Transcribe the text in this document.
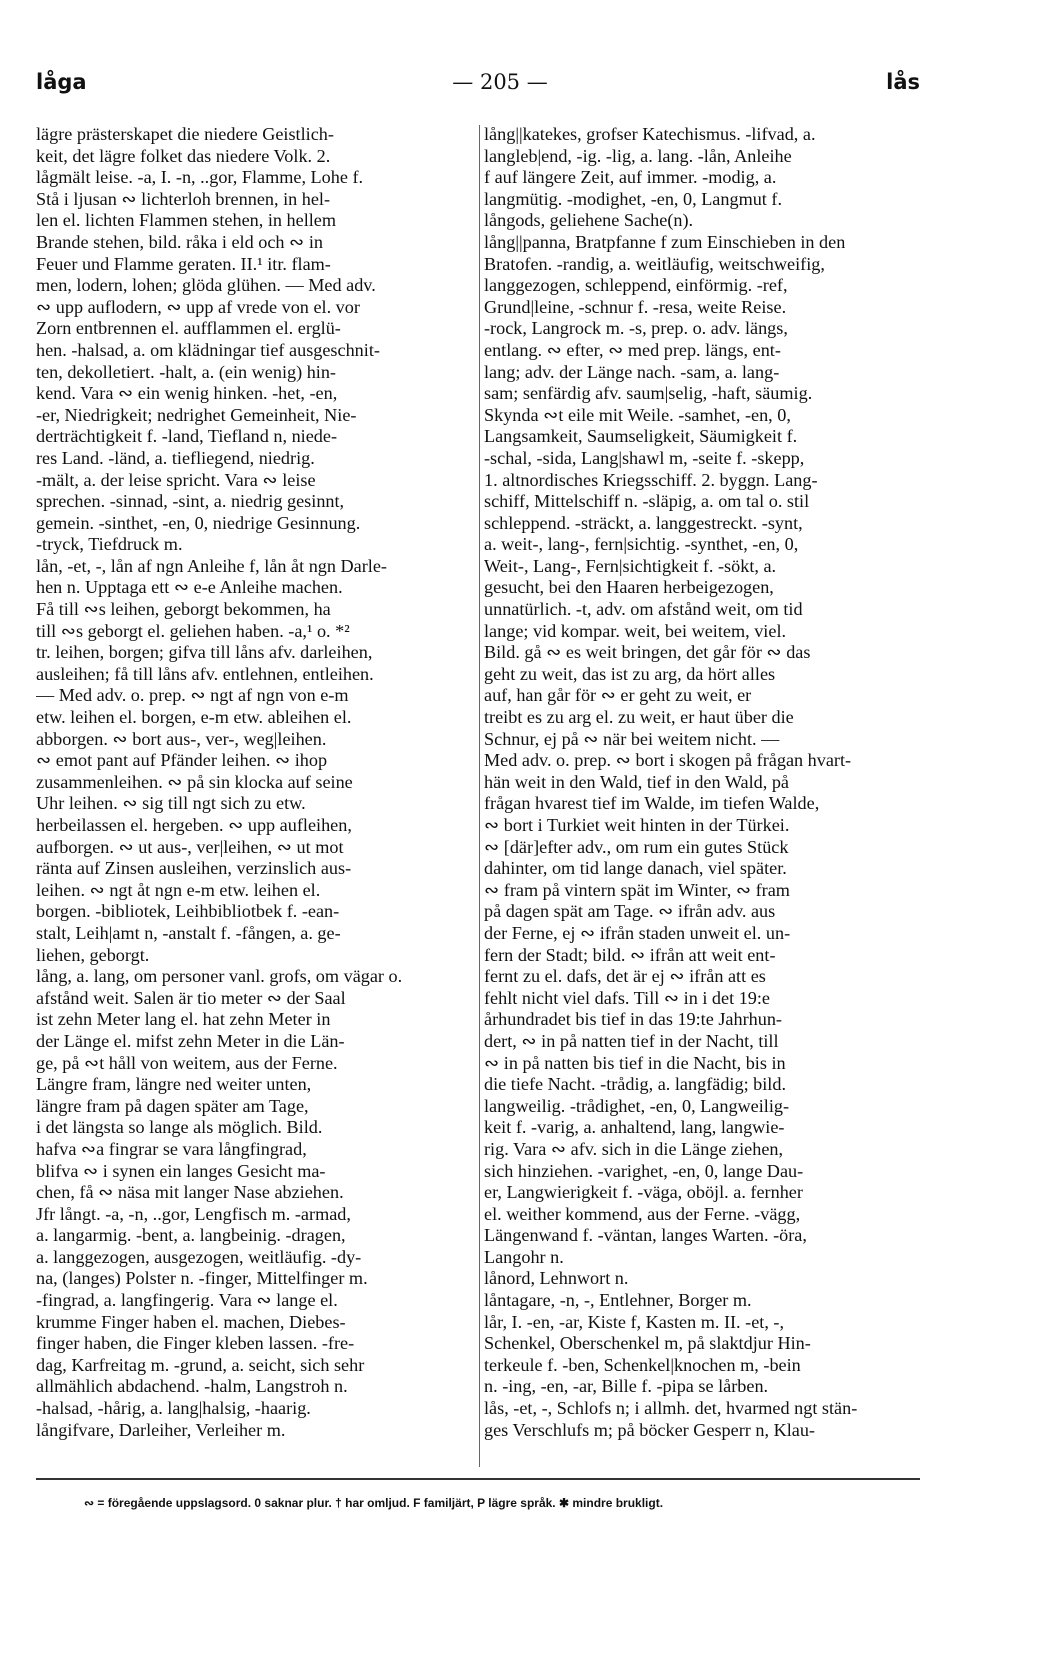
låga	— 205 —	lås
lägre prästerskapet die niedere Geistlich-
keit, det lägre folket das niedere Volk. 2.
lågmält leise. -a, I. -n, ..gor, Flamme, Lohe f.
Stå i ljusan ∾ lichterloh brennen, in hel-
len el. lichten Flammen stehen, in hellem
Brande stehen, bild. råka i eld och ∾ in
Feuer und Flamme geraten. II.¹ itr. flam-
men, lodern, lohen; glöda glühen. — Med adv.
∾ upp auflodern, ∾ upp af vrede von el. vor
Zorn entbrennen el. aufflammen el. erglü-
hen. -halsad, a. om klädningar tief ausgeschnit-
ten, dekolletiert. -halt, a. (ein wenig) hin-
kend. Vara ∾ ein wenig hinken. -het, -en,
-er, Niedrigkeit; nedrighet Gemeinheit, Nie-
derträchtigkeit f. -land, Tiefland n, niede-
res Land. -länd, a. tiefliegend, niedrig.
-mält, a. der leise spricht. Vara ∾ leise
sprechen. -sinnad, -sint, a. niedrig gesinnt,
gemein. -sinthet, -en, 0, niedrige Gesinnung.
-tryck, Tiefdruck m.
lån, -et, -, lån af ngn Anleihe f, lån åt ngn Darle-
hen n. Upptaga ett ∾ e-e Anleihe machen.
Få till ∾s leihen, geborgt bekommen, ha
till ∾s geborgt el. geliehen haben. -a,¹ o. *²
tr. leihen, borgen; gifva till låns afv. darleihen,
ausleihen; få till låns afv. entlehnen, entleihen.
— Med adv. o. prep. ∾ ngt af ngn von e-m
etw. leihen el. borgen, e-m etw. ableihen el.
abborgen. ∾ bort aus-, ver-, weg|leihen.
∾ emot pant auf Pfänder leihen. ∾ ihop
zusammenleihen. ∾ på sin klocka auf seine
Uhr leihen. ∾ sig till ngt sich zu etw.
herbeilassen el. hergeben. ∾ upp aufleihen,
aufborgen. ∾ ut aus-, ver|leihen, ∾ ut mot
ränta auf Zinsen ausleihen, verzinslich aus-
leihen. ∾ ngt åt ngn e-m etw. leihen el.
borgen. -bibliotek, Leihbibliotbek f. -ean-
stalt, Leih|amt n, -anstalt f. -fången, a. ge-
liehen, geborgt.
lång, a. lang, om personer vanl. grofs, om vägar o.
afstånd weit. Salen är tio meter ∾ der Saal
ist zehn Meter lang el. hat zehn Meter in
der Länge el. mifst zehn Meter in die Län-
ge, på ∾t håll von weitem, aus der Ferne.
Längre fram, längre ned weiter unten,
längre fram på dagen später am Tage,
i det längsta so lange als möglich. Bild.
hafva ∾a fingrar se vara långfingrad,
blifva ∾ i synen ein langes Gesicht ma-
chen, få ∾ näsa mit langer Nase abziehen.
Jfr långt. -a, -n, ..gor, Lengfisch m. -armad,
a. langarmig. -bent, a. langbeinig. -dragen,
a. langgezogen, ausgezogen, weitläufig. -dy-
na, (langes) Polster n. -finger, Mittelfinger m.
-fingrad, a. langfingerig. Vara ∾ lange el.
krumme Finger haben el. machen, Diebes-
finger haben, die Finger kleben lassen. -fre-
dag, Karfreitag m. -grund, a. seicht, sich sehr
allmählich abdachend. -halm, Langstroh n.
-halsad, -hårig, a. lang|halsig, -haarig.
långifvare, Darleiher, Verleiher m.
lång||katekes, grofser Katechismus. -lifvad, a.
langleb|end, -ig. -lig, a. lang. -lån, Anleihe
f auf längere Zeit, auf immer. -modig, a.
langmütig. -modighet, -en, 0, Langmut f.
långods, geliehene Sache(n).
lång||panna, Bratpfanne f zum Einschieben in den
Bratofen. -randig, a. weitläufig, weitschweifig,
langgezogen, schleppend, einförmig. -ref,
Grund|leine, -schnur f. -resa, weite Reise.
-rock, Langrock m. -s, prep. o. adv. längs,
entlang. ∾ efter, ∾ med prep. längs, ent-
lang; adv. der Länge nach. -sam, a. lang-
sam; senfärdig afv. saum|selig, -haft, säumig.
Skynda ∾t eile mit Weile. -samhet, -en, 0,
Langsamkeit, Saumseligkeit, Säumigkeit f.
-schal, -sida, Lang|shawl m, -seite f. -skepp,
1. altnordisches Kriegsschiff. 2. byggn. Lang-
schiff, Mittelschiff n. -släpig, a. om tal o. stil
schleppend. -sträckt, a. langgestreckt. -synt,
a. weit-, lang-, fern|sichtig. -synthet, -en, 0,
Weit-, Lang-, Fern|sichtigkeit f. -sökt, a.
gesucht, bei den Haaren herbeigezogen,
unnatürlich. -t, adv. om afstånd weit, om tid
lange; vid kompar. weit, bei weitem, viel.
Bild. gå ∾ es weit bringen, det går för ∾ das
geht zu weit, das ist zu arg, da hört alles
auf, han går för ∾ er geht zu weit, er
treibt es zu arg el. zu weit, er haut über die
Schnur, ej på ∾ när bei weitem nicht. —
Med adv. o. prep. ∾ bort i skogen på frågan hvart-
hän weit in den Wald, tief in den Wald, på
frågan hvarest tief im Walde, im tiefen Walde,
∾ bort i Turkiet weit hinten in der Türkei.
∾ [där]efter adv., om rum ein gutes Stück
dahinter, om tid lange danach, viel später.
∾ fram på vintern spät im Winter, ∾ fram
på dagen spät am Tage. ∾ ifrån adv. aus
der Ferne, ej ∾ ifrån staden unweit el. un-
fern der Stadt; bild. ∾ ifrån att weit ent-
fernt zu el. dafs, det är ej ∾ ifrån att es
fehlt nicht viel dafs. Till ∾ in i det 19:e
århundradet bis tief in das 19:te Jahrhun-
dert, ∾ in på natten tief in der Nacht, till
∾ in på natten bis tief in die Nacht, bis in
die tiefe Nacht. -trådig, a. langfädig; bild.
langweilig. -trådighet, -en, 0, Langweilig-
keit f. -varig, a. anhaltend, lang, langwie-
rig. Vara ∾ afv. sich in die Länge ziehen,
sich hinziehen. -varighet, -en, 0, lange Dau-
er, Langwierigkeit f. -väga, oböjl. a. fernher
el. weither kommend, aus der Ferne. -vägg,
Längenwand f. -väntan, langes Warten. -öra,
Langohr n.
lånord, Lehnwort n.
låntagare, -n, -, Entlehner, Borger m.
lår, I. -en, -ar, Kiste f, Kasten m. II. -et, -,
Schenkel, Oberschenkel m, på slaktdjur Hin-
terkeule f. -ben, Schenkel|knochen m, -bein
n. -ing, -en, -ar, Bille f. -pipa se lårben.
lås, -et, -, Schlofs n; i allmh. det, hvarmed ngt stän-
ges Verschlufs m; på böcker Gesperr n, Klau-
∾ = föregående uppslagsord. 0 saknar plur. † har omljud. F familjärt, P lägre språk. ✱ mindre brukligt.
